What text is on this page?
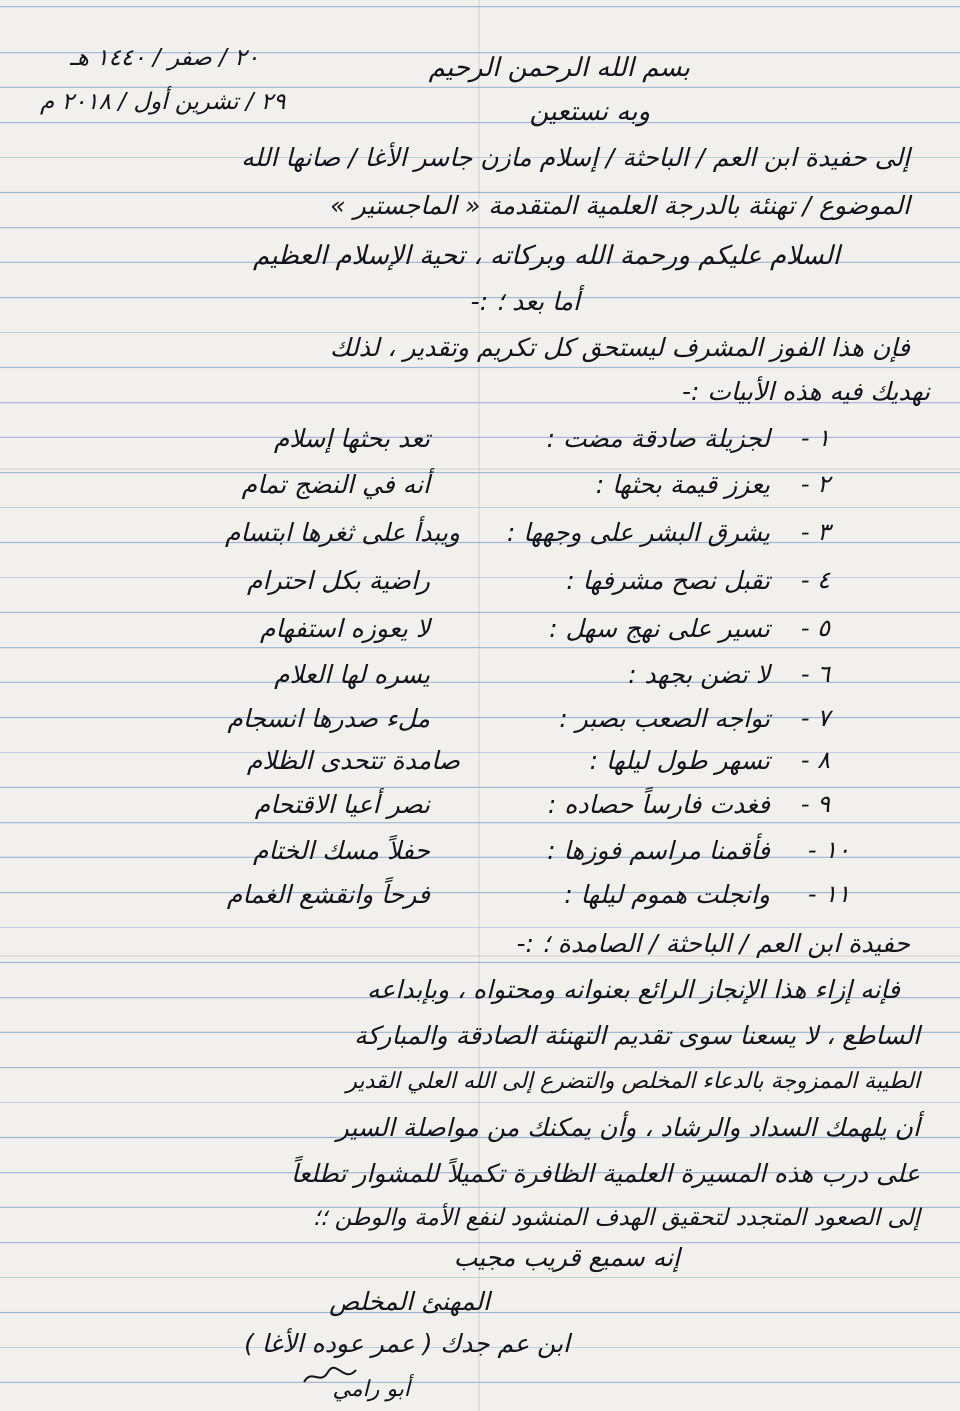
٢٠ / صفر / ١٤٤٠ هـ
٢٩ / تشرين أول / ٢٠١٨ م
بسم الله الرحمن الرحيم
وبه نستعين
إلى حفيدة ابن العم / الباحثة / إسلام مازن جاسر الأغا / صانها الله
الموضوع / تهنئة بالدرجة العلمية المتقدمة « الماجستير »
السلام عليكم ورحمة الله وبركاته ، تحية الإسلام العظيم
أما بعد ؛ :-
فإن هذا الفوز المشرف ليستحق كل تكريم وتقدير ، لذلك
نهديك فيه هذه الأبيات :-
١ -
لجزيلة صادقة مضت :
تعد بحثها إسلام
٢ -
يعزز قيمة بحثها :
أنه في النضج تمام
٣ -
يشرق البشر على وجهها :
ويبدأ على ثغرها ابتسام
٤ -
تقبل نصح مشرفها :
راضية بكل احترام
٥ -
تسير على نهج سهل :
لا يعوزه استفهام
٦ -
لا تضن بجهد :
يسره لها العلام
٧ -
تواجه الصعب بصبر :
ملء صدرها انسجام
٨ -
تسهر طول ليلها :
صامدة تتحدى الظلام
٩ -
فغدت فارساً حصاده :
نصر أعيا الاقتحام
١٠ -
فأقمنا مراسم فوزها :
حفلاً مسك الختام
١١ -
وانجلت هموم ليلها :
فرحاً وانقشع الغمام
حفيدة ابن العم / الباحثة / الصامدة ؛ :-
فإنه إزاء هذا الإنجاز الرائع بعنوانه ومحتواه ، وبإبداعه
الساطع ، لا يسعنا سوى تقديم التهنئة الصادقة والمباركة
الطيبة الممزوجة بالدعاء المخلص والتضرع إلى الله العلي القدير
أن يلهمك السداد والرشاد ، وأن يمكنك من مواصلة السير
على درب هذه المسيرة العلمية الظافرة تكميلاً للمشوار تطلعاً
إلى الصعود المتجدد لتحقيق الهدف المنشود لنفع الأمة والوطن ؛؛
إنه سميع قريب مجيب
المهنئ المخلص
ابن عم جدك ( عمر عوده الأغا )
أبو رامي
